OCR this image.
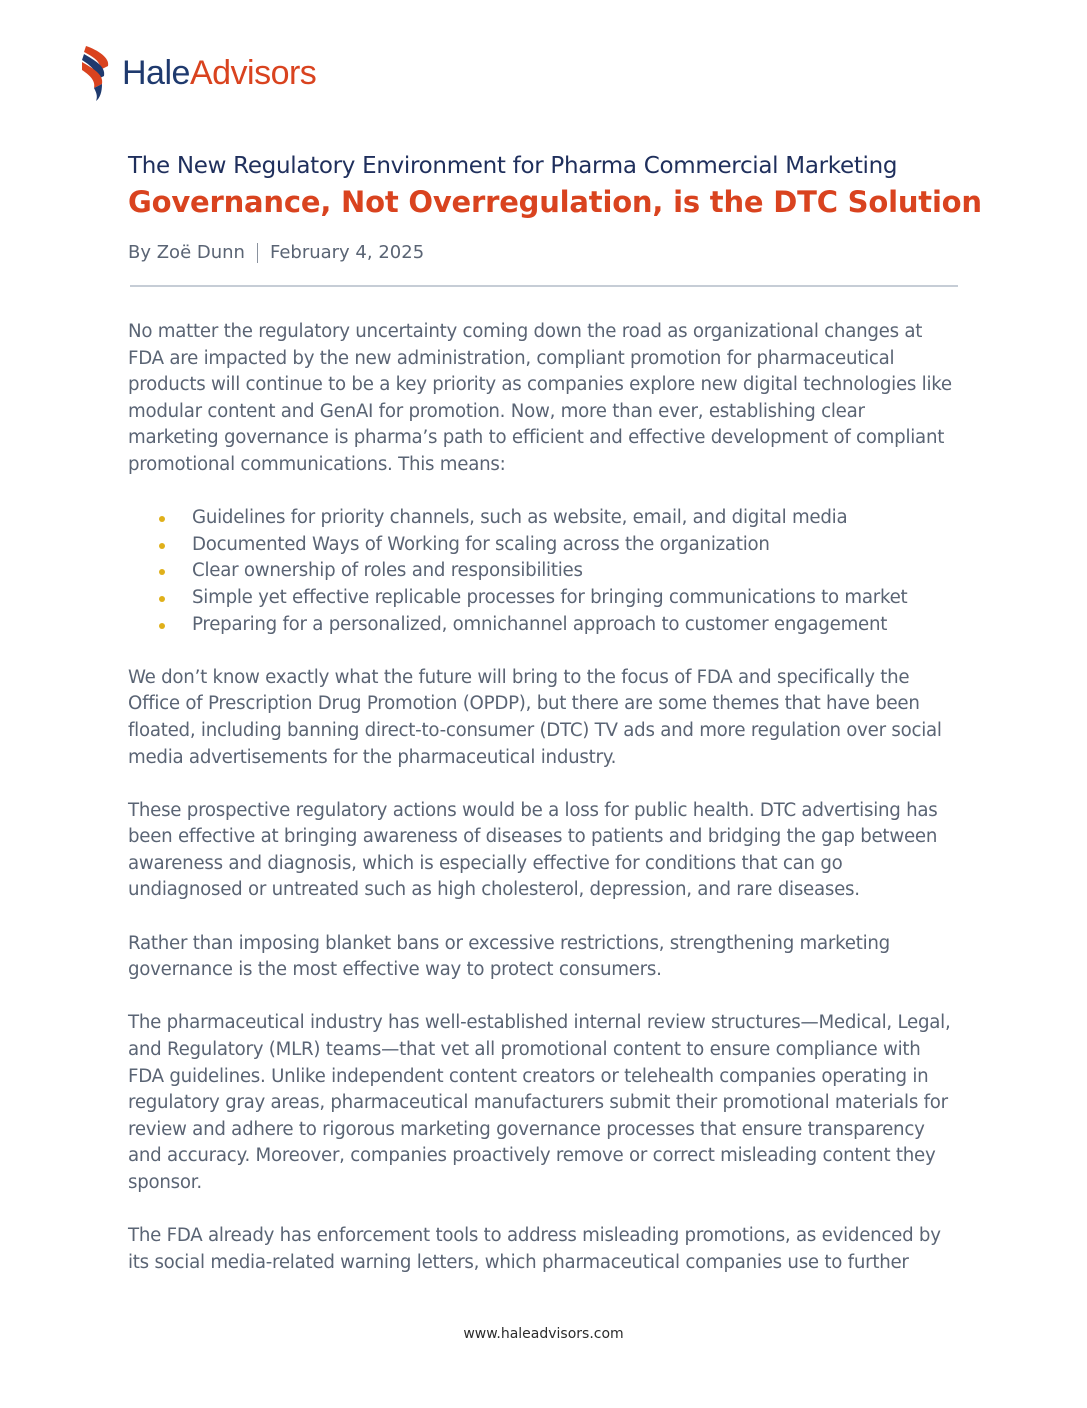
HaleAdvisors
The New Regulatory Environment for Pharma Commercial Marketing
Governance, Not Overregulation, is the DTC Solution
By Zoë Dunn February 4, 2025

No matter the regulatory uncertainty coming down the road as organizational changes at FDA are impacted by the new administration, compliant promotion for pharmaceutical products will continue to be a key priority as companies explore new digital technologies like modular content and GenAI for promotion. Now, more than ever, establishing clear marketing governance is pharma’s path to efficient and effective development of compliant promotional communications. This means:

Guidelines for priority channels, such as website, email, and digital media
Documented Ways of Working for scaling across the organization
Clear ownership of roles and responsibilities
Simple yet effective replicable processes for bringing communications to market
Preparing for a personalized, omnichannel approach to customer engagement

We don’t know exactly what the future will bring to the focus of FDA and specifically the Office of Prescription Drug Promotion (OPDP), but there are some themes that have been floated, including banning direct-to-consumer (DTC) TV ads and more regulation over social media advertisements for the pharmaceutical industry.

These prospective regulatory actions would be a loss for public health. DTC advertising has been effective at bringing awareness of diseases to patients and bridging the gap between awareness and diagnosis, which is especially effective for conditions that can go undiagnosed or untreated such as high cholesterol, depression, and rare diseases.

Rather than imposing blanket bans or excessive restrictions, strengthening marketing governance is the most effective way to protect consumers.

The pharmaceutical industry has well-established internal review structures—Medical, Legal, and Regulatory (MLR) teams—that vet all promotional content to ensure compliance with FDA guidelines. Unlike independent content creators or telehealth companies operating in regulatory gray areas, pharmaceutical manufacturers submit their promotional materials for review and adhere to rigorous marketing governance processes that ensure transparency and accuracy. Moreover, companies proactively remove or correct misleading content they sponsor.

The FDA already has enforcement tools to address misleading promotions, as evidenced by its social media-related warning letters, which pharmaceutical companies use to further

www.haleadvisors.com
